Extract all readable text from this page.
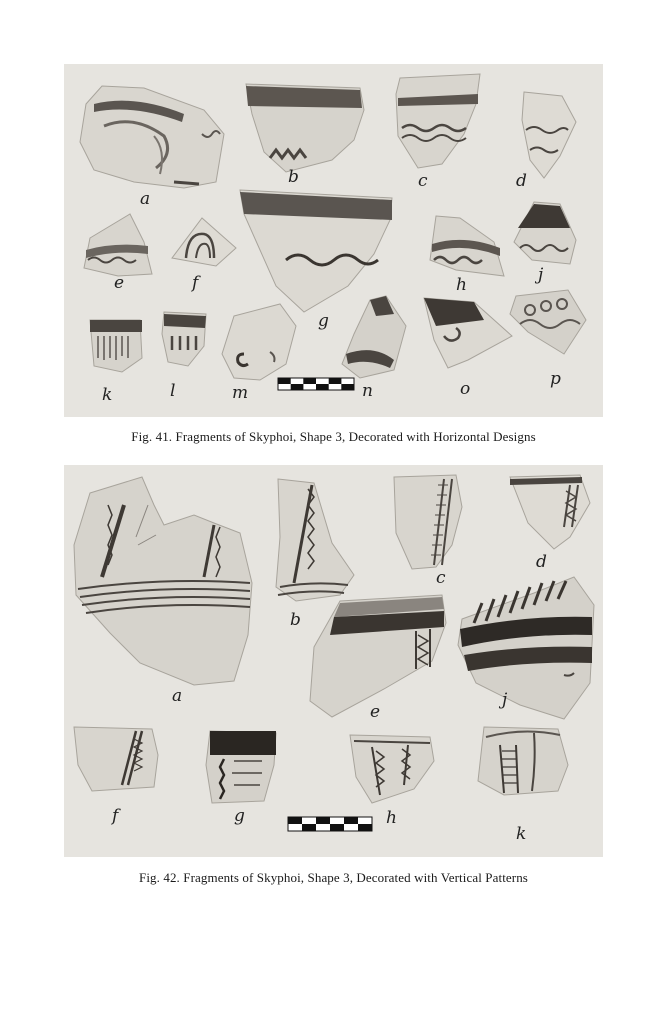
a
b	c	d
e	f
g
h	j
k	l	m	n	o	p
Fig. 41. Fragments of Skyphoi, Shape 3, Decorated with Horizontal Designs
a
b
c
d
e
j
f	g	h
k
Fig. 42. Fragments of Skyphoi, Shape 3, Decorated with Vertical Patterns
